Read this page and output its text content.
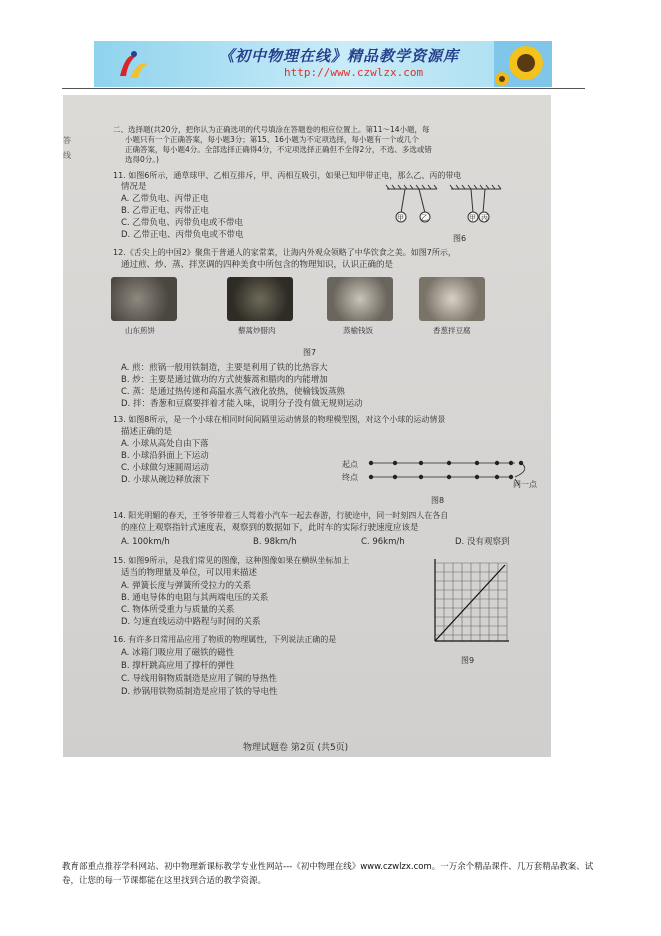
《初中物理在线》精品教学资源库
http://www.czwlzx.com
答
线
二、选择题(共20分，把你认为正确选项的代号填涂在答题卷的相应位置上。第11～14小题，每
小题只有一个正确答案，每小题3分；第15、16小题为不定项选择，每小题有一个或几个
正确答案，每小题4分。全部选择正确得4分，不定项选择正确但不全得2分，不选、多选或错
选得0分。)
11. 如图6所示，通草球甲、乙相互排斥，甲、丙相互吸引，如果已知甲带正电，那么乙、丙的带电
情况是
A. 乙带负电、丙带正电
B. 乙带正电、丙带正电
C. 乙带负电、丙带负电或不带电
D. 乙带正电、丙带负电或不带电
甲 乙	甲 丙
图6
12.《舌尖上的中国2》聚焦于普通人的家常菜，让海内外观众领略了中华饮食之美。如图7所示，
通过煎、炒、蒸、拌烹调的四种美食中所包含的物理知识，认识正确的是
山东煎饼	藜蒿炒腊肉	蒸榆钱饭	香葱拌豆腐
图7
A. 煎：煎锅一般用铁制造，主要是利用了铁的比热容大
B. 炒：主要是通过做功的方式使藜蒿和腊肉的内能增加
C. 蒸：是通过热传递和高温水蒸气液化放热，使榆钱饭蒸熟
D. 拌：香葱和豆腐要拌着才能入味，说明分子没有做无规则运动
13. 如图8所示，是一个小球在相同时间间隔里运动情景的物理模型图，对这个小球的运动情景
描述正确的是
A. 小球从高处自由下落
B. 小球沿斜面上下运动
C. 小球做匀速圆周运动
D. 小球从碗边释放滚下
起点
终点
同一点
图8
14. 阳光明媚的春天，王爷爷带着三人驾着小汽车一起去春游，行驶途中，同一时刻四人在各自
的座位上观察指针式速度表，观察到的数据如下，此时车的实际行驶速度应该是
A. 100km/h	B. 98km/h	C. 96km/h	D. 没有观察到
15. 如图9所示，是我们常见的图像，这种图像如果在横纵坐标加上
适当的物理量及单位，可以用来描述
A. 弹簧长度与弹簧所受拉力的关系
B. 通电导体的电阻与其两端电压的关系
C. 物体所受重力与质量的关系
D. 匀速直线运动中路程与时间的关系
图9
16. 有许多日常用品应用了物质的物理属性，下列说法正确的是
A. 冰箱门吸应用了磁铁的磁性
B. 撑杆跳高应用了撑杆的弹性
C. 导线用铜物质制造是应用了铜的导热性
D. 炒锅用铁物质制造是应用了铁的导电性
物理试题卷 第2页 (共5页)
教育部重点推荐学科网站、初中物理新课标教学专业性网站---《初中物理在线》www.czwlzx.com。一万余个精品课件、几万套精品教案、试卷，让您的每一节课都能在这里找到合适的教学资源。
